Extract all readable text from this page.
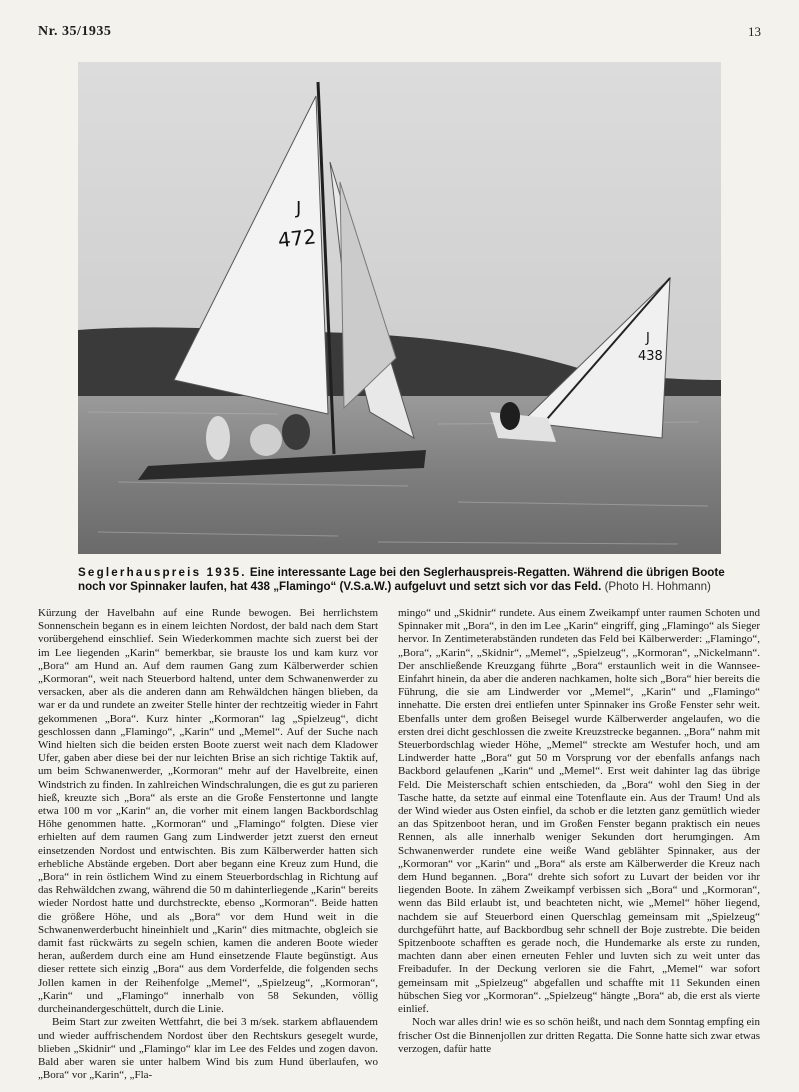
Nr. 35/1935	13
J
472
J
438
Seglerhauspreis 1935. Eine interessante Lage bei den Seglerhauspreis-Regatten. Während die übrigen Boote noch vor Spinnaker laufen, hat 438 „Flamingo“ (V.S.a.W.) aufgeluvt und setzt sich vor das Feld. (Photo H. Hohmann)

Kürzung der Havelbahn auf eine Runde bewogen. Bei herrlichstem Sonnenschein begann es in einem leichten Nordost, der bald nach dem Start vorübergehend einschlief. Sein Wiederkommen machte sich zuerst bei der im Lee liegenden „Karin“ bemerkbar, sie brauste los und kam kurz vor „Bora“ am Hund an. Auf dem raumen Gang zum Kälberwerder schien „Kormoran“, weit nach Steuerbord haltend, unter dem Schwanenwerder zu versacken, aber als die anderen dann am Rehwäldchen hängen blieben, da war er da und rundete an zweiter Stelle hinter der rechtzeitig wieder in Fahrt gekommenen „Bora“. Kurz hinter „Kormoran“ lag „Spielzeug“, dicht geschlossen dann „Flamingo“, „Karin“ und „Memel“. Auf der Suche nach Wind hielten sich die beiden ersten Boote zuerst weit nach dem Kladower Ufer, gaben aber diese bei der nur leichten Brise an sich richtige Taktik auf, um beim Schwanenwerder, „Kormoran“ mehr auf der Havelbreite, einen Windstrich zu finden. In zahlreichen Windschralungen, die es gut zu parieren hieß, kreuzte sich „Bora“ als erste an die Große Fenstertonne und langte etwa 100 m vor „Karin“ an, die vorher mit einem langen Backbordschlag Höhe genommen hatte. „Kormoran“ und „Flamingo“ folgten. Diese vier erhielten auf dem raumen Gang zum Lindwerder jetzt zuerst den erneut einsetzenden Nordost und entwischten. Bis zum Kälberwerder hatten sich erhebliche Abstände ergeben. Dort aber begann eine Kreuz zum Hund, die „Bora“ in rein östlichem Wind zu einem Steuerbordschlag in Richtung auf das Rehwäldchen zwang, während die 50 m dahinterliegende „Karin“ bereits wieder Nordost hatte und durchstreckte, ebenso „Kormoran“. Beide hatten die größere Höhe, und als „Bora“ vor dem Hund weit in die Schwanenwerderbucht hineinhielt und „Karin“ dies mitmachte, obgleich sie damit fast rückwärts zu segeln schien, kamen die anderen Boote wieder heran, außerdem durch eine am Hund einsetzende Flaute begünstigt. Aus dieser rettete sich einzig „Bora“ aus dem Vorderfelde, die folgenden sechs Jollen kamen in der Reihenfolge „Memel“, „Spielzeug“, „Kormoran“, „Karin“ und „Flamingo“ innerhalb von 58 Sekunden, völlig durcheinandergeschüttelt, durch die Linie.

Beim Start zur zweiten Wettfahrt, die bei 3 m/sek. starkem abflauendem und wieder auffrischendem Nordost über den Rechtskurs gesegelt wurde, blieben „Skidnir“ und „Flamingo“ klar im Lee des Feldes und zogen davon. Bald aber waren sie unter halbem Wind bis zum Hund überlaufen, wo „Bora“ vor „Karin“, „Fla-

mingo“ und „Skidnir“ rundete. Aus einem Zweikampf unter raumen Schoten und Spinnaker mit „Bora“, in den im Lee „Karin“ eingriff, ging „Flamingo“ als Sieger hervor. In Zentimeterabständen rundeten das Feld bei Kälberwerder: „Flamingo“, „Bora“, „Karin“, „Skidnir“, „Memel“, „Spielzeug“, „Kormoran“, „Nickelmann“. Der anschließende Kreuzgang führte „Bora“ erstaunlich weit in die Wannsee-Einfahrt hinein, da aber die anderen nachkamen, holte sich „Bora“ hier bereits die Führung, die sie am Lindwerder vor „Memel“, „Karin“ und „Flamingo“ innehatte. Die ersten drei entliefen unter Spinnaker ins Große Fenster sehr weit. Ebenfalls unter dem großen Beisegel wurde Kälberwerder angelaufen, wo die ersten drei dicht geschlossen die zweite Kreuzstrecke begannen. „Bora“ nahm mit Steuerbordschlag wieder Höhe, „Memel“ streckte am Westufer hoch, und am Lindwerder hatte „Bora“ gut 50 m Vorsprung vor der ebenfalls anfangs nach Backbord gelaufenen „Karin“ und „Memel“. Erst weit dahinter lag das übrige Feld. Die Meisterschaft schien entschieden, da „Bora“ wohl den Sieg in der Tasche hatte, da setzte auf einmal eine Totenflaute ein. Aus der Traum! Und als der Wind wieder aus Osten einfiel, da schob er die letzten ganz gemütlich wieder an das Spitzenboot heran, und im Großen Fenster begann praktisch ein neues Rennen, als alle innerhalb weniger Sekunden dort herumgingen. Am Schwanenwerder rundete eine weiße Wand geblähter Spinnaker, aus der „Kormoran“ vor „Karin“ und „Bora“ als erste am Kälberwerder die Kreuz nach dem Hund begannen. „Bora“ drehte sich sofort zu Luvart der beiden vor ihr liegenden Boote. In zähem Zweikampf verbissen sich „Bora“ und „Kormoran“, wenn das Bild erlaubt ist, und beachteten nicht, wie „Memel“ höher liegend, nachdem sie auf Steuerbord einen Querschlag gemeinsam mit „Spielzeug“ durchgeführt hatte, auf Backbordbug sehr schnell der Boje zustrebte. Die beiden Spitzenboote schafften es gerade noch, die Hundemarke als erste zu runden, machten dann aber einen erneuten Fehler und luvten sich zu weit unter das Freibadufer. In der Deckung verloren sie die Fahrt, „Memel“ war sofort gemeinsam mit „Spielzeug“ abgefallen und schaffte mit 11 Sekunden einen hübschen Sieg vor „Kormoran“. „Spielzeug“ hängte „Bora“ ab, die erst als vierte einlief.

Noch war alles drin! wie es so schön heißt, und nach dem Sonntag empfing ein frischer Ost die Binnenjollen zur dritten Regatta. Die Sonne hatte sich zwar etwas verzogen, dafür hatte
